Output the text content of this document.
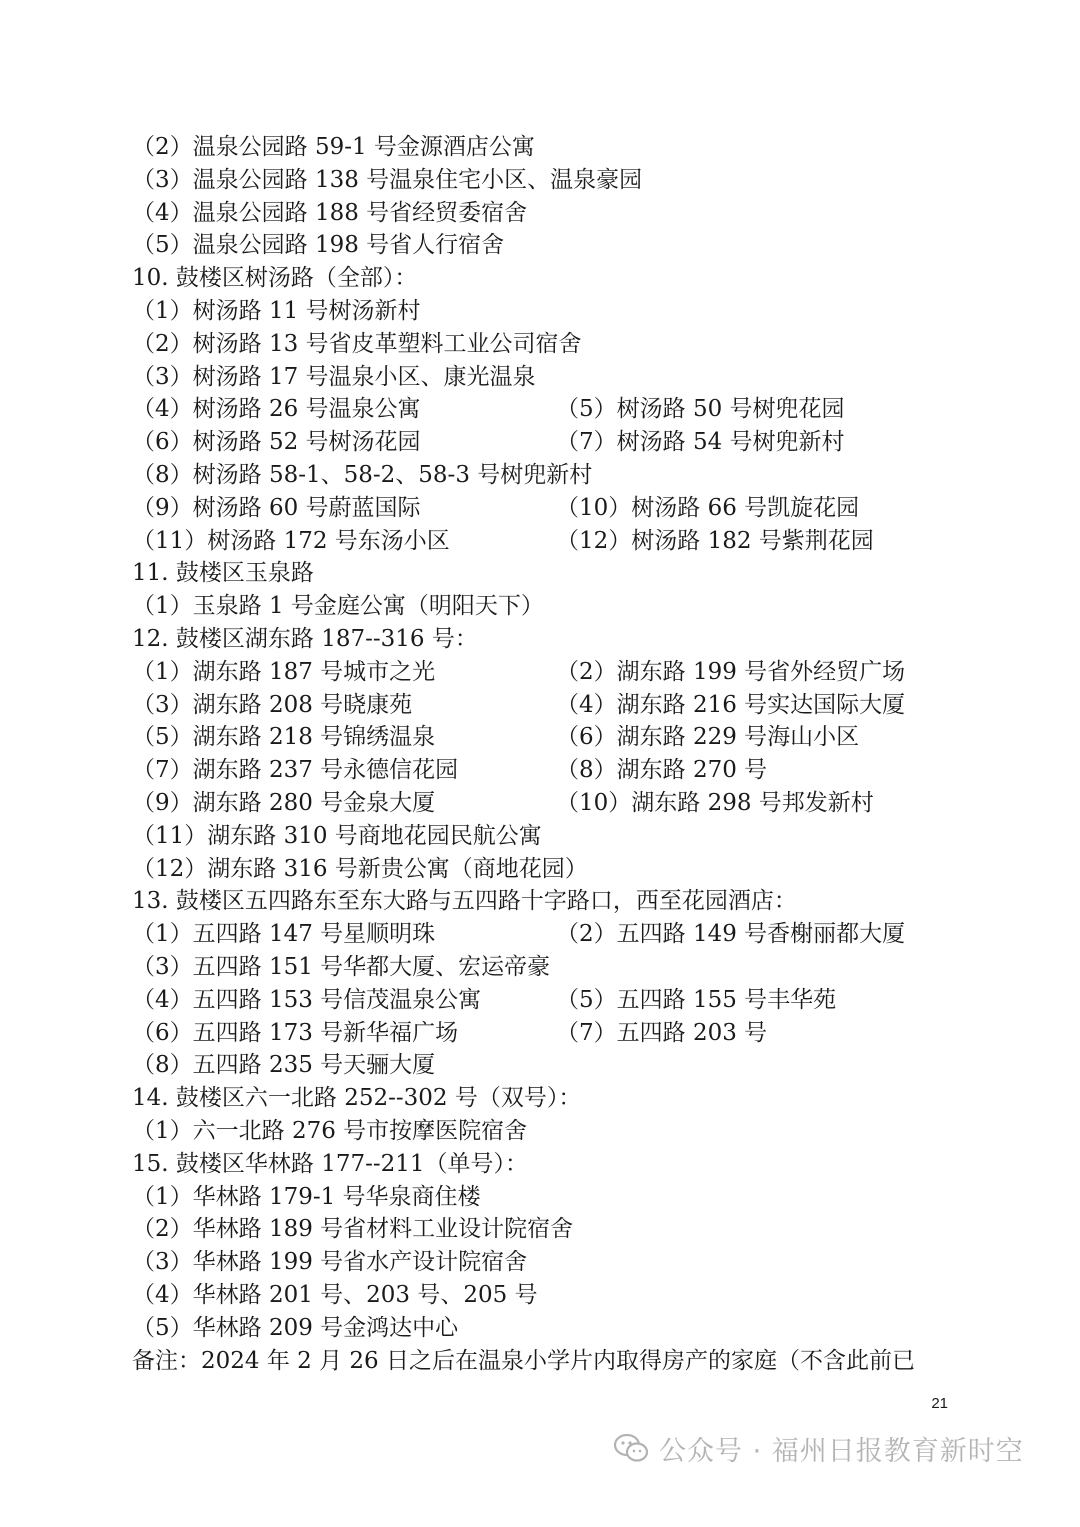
（2）温泉公园路 59-1 号金源酒店公寓
（3）温泉公园路 138 号温泉住宅小区、温泉豪园
（4）温泉公园路 188 号省经贸委宿舍
（5）温泉公园路 198 号省人行宿舍
10. 鼓楼区树汤路（全部）：
（1）树汤路 11 号树汤新村
（2）树汤路 13 号省皮革塑料工业公司宿舍
（3）树汤路 17 号温泉小区、康光温泉
（4）树汤路 26 号温泉公寓	（5）树汤路 50 号树兜花园
（6）树汤路 52 号树汤花园	（7）树汤路 54 号树兜新村
（8）树汤路 58-1、58-2、58-3 号树兜新村
（9）树汤路 60 号蔚蓝国际	（10）树汤路 66 号凯旋花园
（11）树汤路 172 号东汤小区	（12）树汤路 182 号紫荆花园
11. 鼓楼区玉泉路
（1）玉泉路 1 号金庭公寓（明阳天下）
12. 鼓楼区湖东路 187--316 号：
（1）湖东路 187 号城市之光	（2）湖东路 199 号省外经贸广场
（3）湖东路 208 号晓康苑	（4）湖东路 216 号实达国际大厦
（5）湖东路 218 号锦绣温泉	（6）湖东路 229 号海山小区
（7）湖东路 237 号永德信花园	（8）湖东路 270 号
（9）湖东路 280 号金泉大厦	（10）湖东路 298 号邦发新村
（11）湖东路 310 号商地花园民航公寓
（12）湖东路 316 号新贵公寓（商地花园）
13. 鼓楼区五四路东至东大路与五四路十字路口，西至花园酒店：
（1）五四路 147 号星顺明珠	（2）五四路 149 号香榭丽都大厦
（3）五四路 151 号华都大厦、宏运帝豪
（4）五四路 153 号信茂温泉公寓	（5）五四路 155 号丰华苑
（6）五四路 173 号新华福广场	（7）五四路 203 号
（8）五四路 235 号天骊大厦
14. 鼓楼区六一北路 252--302 号（双号）：
（1）六一北路 276 号市按摩医院宿舍
15. 鼓楼区华林路 177--211（单号）：
（1）华林路 179-1 号华泉商住楼
（2）华林路 189 号省材料工业设计院宿舍
（3）华林路 199 号省水产设计院宿舍
（4）华林路 201 号、203 号、205 号
（5）华林路 209 号金鸿达中心
备注：2024 年 2 月 26 日之后在温泉小学片内取得房产的家庭（不含此前已
21
公众号 · 福州日报教育新时空
